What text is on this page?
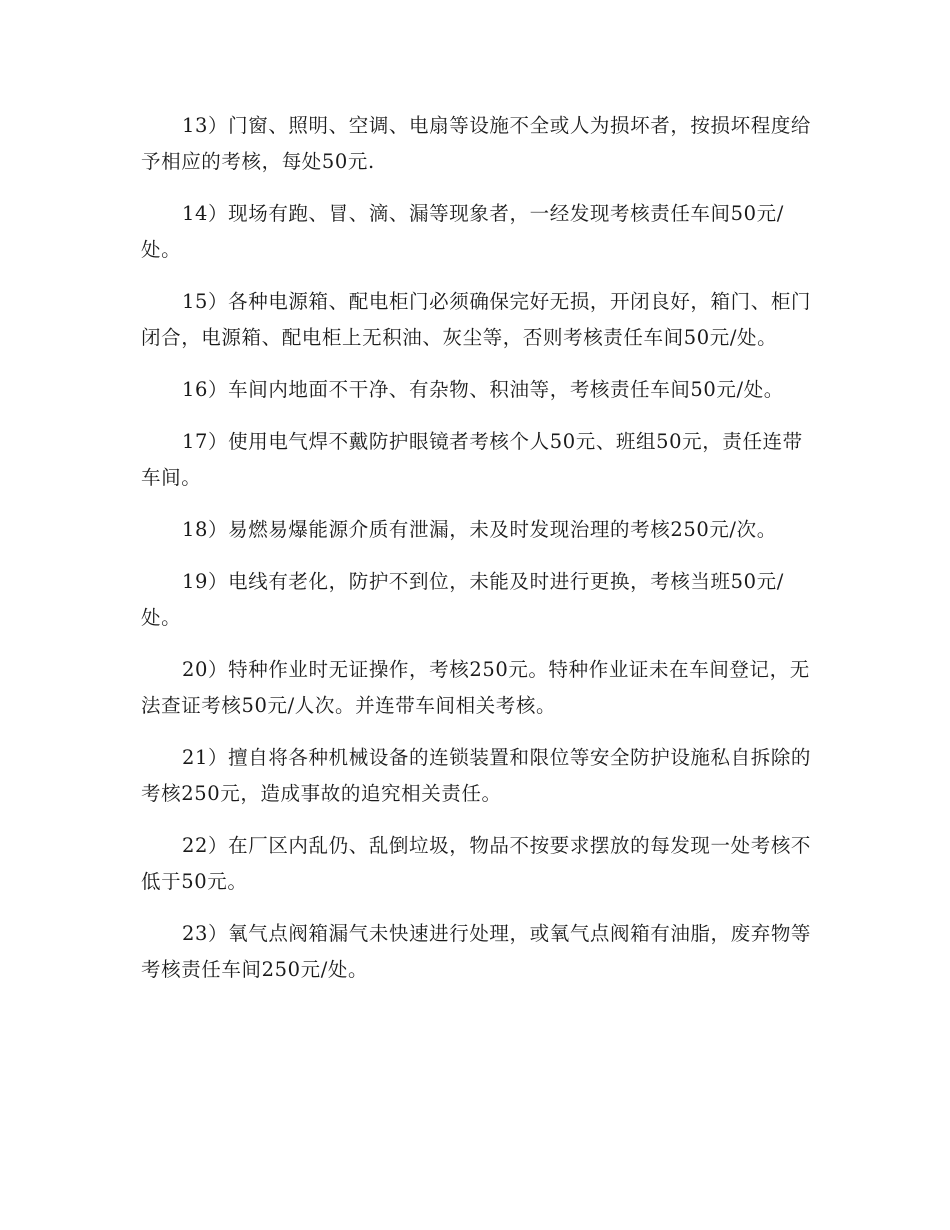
13）门窗、照明、空调、电扇等设施不全或人为损坏者，按损坏程度给予相应的考核，每处50元.

14）现场有跑、冒、滴、漏等现象者，一经发现考核责任车间50元/处。

15）各种电源箱、配电柜门必须确保完好无损，开闭良好，箱门、柜门闭合，电源箱、配电柜上无积油、灰尘等，否则考核责任车间50元/处。

16）车间内地面不干净、有杂物、积油等，考核责任车间50元/处。

17）使用电气焊不戴防护眼镜者考核个人50元、班组50元，责任连带车间。

18）易燃易爆能源介质有泄漏，未及时发现治理的考核250元/次。

19）电线有老化，防护不到位，未能及时进行更换，考核当班50元/处。

20）特种作业时无证操作，考核250元。特种作业证未在车间登记，无法查证考核50元/人次。并连带车间相关考核。

21）擅自将各种机械设备的连锁装置和限位等安全防护设施私自拆除的考核250元，造成事故的追究相关责任。

22）在厂区内乱仍、乱倒垃圾，物品不按要求摆放的每发现一处考核不低于50元。

23）氧气点阀箱漏气未快速进行处理，或氧气点阀箱有油脂，废弃物等考核责任车间250元/处。
